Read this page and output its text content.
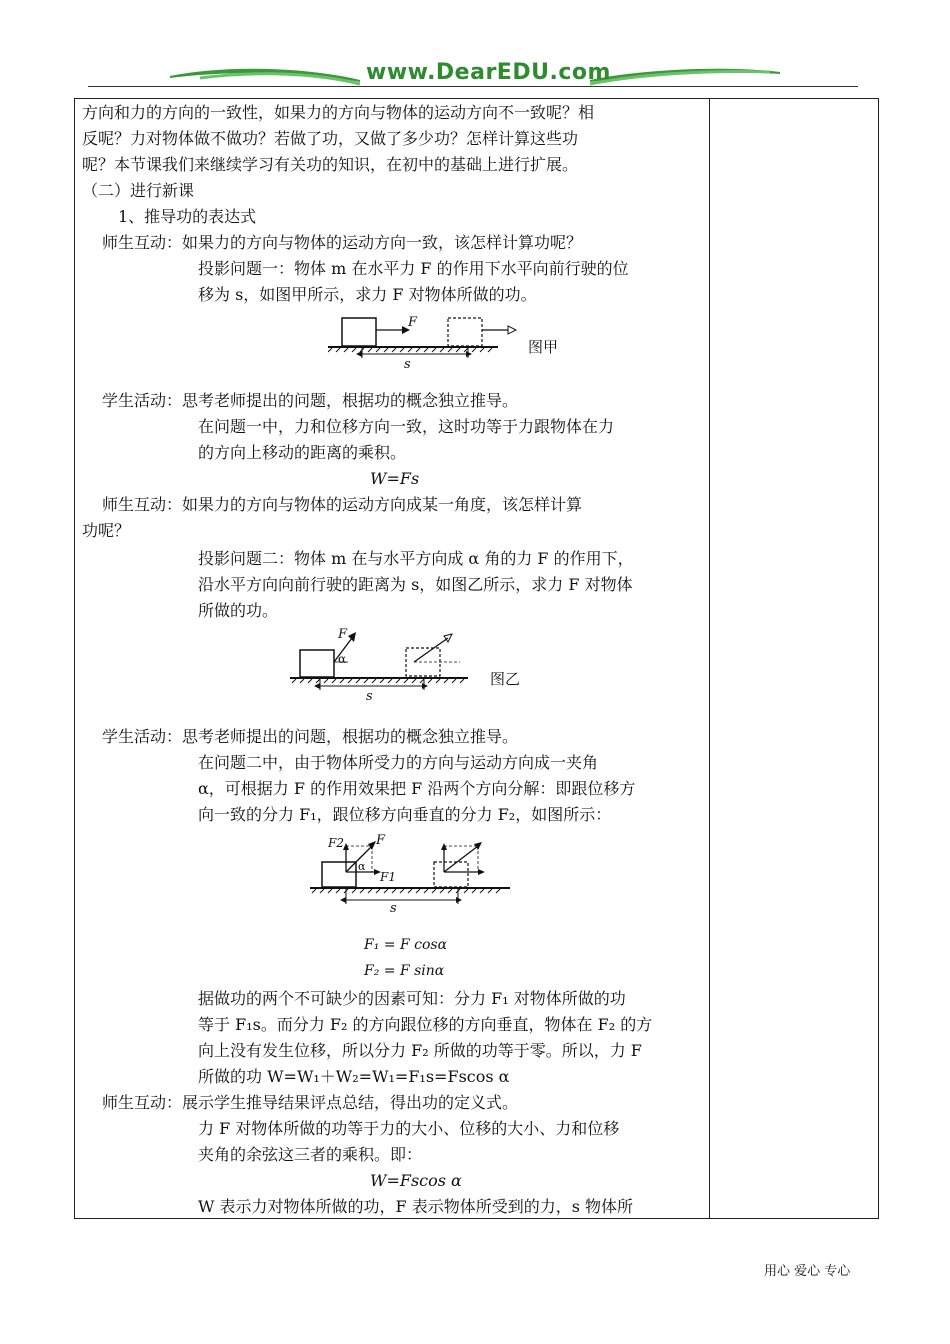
www.DearEDU.com
方向和力的方向的一致性，如果力的方向与物体的运动方向不一致呢？相
反呢？力对物体做不做功？若做了功，又做了多少功？怎样计算这些功
呢？本节课我们来继续学习有关功的知识，在初中的基础上进行扩展。
（二）进行新课
1、推导功的表达式
师生互动：如果力的方向与物体的运动方向一致，该怎样计算功呢？
投影问题一：物体 m 在水平力 F 的作用下水平向前行驶的位
移为 s，如图甲所示，求力 F 对物体所做的功。
F
s
图甲
学生活动：思考老师提出的问题，根据功的概念独立推导。
在问题一中，力和位移方向一致，这时功等于力跟物体在力
的方向上移动的距离的乘积。
W=Fs
师生互动：如果力的方向与物体的运动方向成某一角度，该怎样计算
功呢？
投影问题二：物体 m 在与水平方向成 α 角的力 F 的作用下，
沿水平方向向前行驶的距离为 s，如图乙所示，求力 F 对物体
所做的功。
F
α
s
图乙
学生活动：思考老师提出的问题，根据功的概念独立推导。
在问题二中，由于物体所受力的方向与运动方向成一夹角
α，可根据力 F 的作用效果把 F 沿两个方向分解：即跟位移方
向一致的分力 F₁，跟位移方向垂直的分力 F₂，如图所示：
F
F2
F1
α
s
F₁ = F cosα
F₂ = F sinα
据做功的两个不可缺少的因素可知：分力 F₁ 对物体所做的功
等于 F₁s。而分力 F₂ 的方向跟位移的方向垂直，物体在 F₂ 的方
向上没有发生位移，所以分力 F₂ 所做的功等于零。所以，力 F
所做的功 W=W₁＋W₂=W₁=F₁s=Fscos α
师生互动：展示学生推导结果评点总结，得出功的定义式。
力 F 对物体所做的功等于力的大小、位移的大小、力和位移
夹角的余弦这三者的乘积。即：
W=Fscos α
W 表示力对物体所做的功，F 表示物体所受到的力，s 物体所
用心 爱心 专心
